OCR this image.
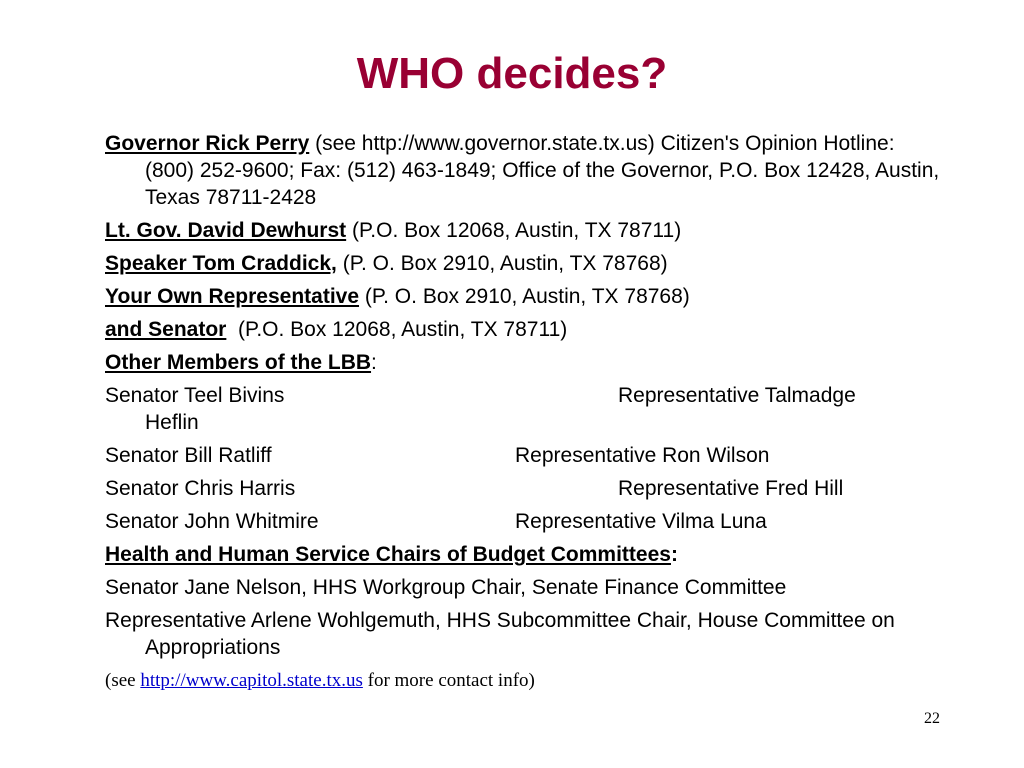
WHO decides?

Governor Rick Perry (see http://www.governor.state.tx.us) Citizen's Opinion Hotline: (800) 252-9600; Fax: (512) 463-1849; Office of the Governor, P.O. Box 12428, Austin, Texas 78711-2428

Lt. Gov. David Dewhurst (P.O. Box 12068, Austin, TX 78711)

Speaker Tom Craddick, (P. O. Box 2910, Austin, TX 78768)

Your Own Representative (P. O. Box 2910, Austin, TX 78768)

and Senator  (P.O. Box 12068, Austin, TX 78711)

Other Members of the LBB:

Senator Teel Bivins	Representative Talmadge
Heflin
Senator Bill Ratliff	Representative Ron Wilson
Senator Chris Harris	Representative Fred Hill
Senator John Whitmire	Representative Vilma Luna

Health and Human Service Chairs of Budget Committees:

Senator Jane Nelson, HHS Workgroup Chair, Senate Finance Committee

Representative Arlene Wohlgemuth, HHS Subcommittee Chair, House Committee on Appropriations

(see http://www.capitol.state.tx.us for more contact info)

22
